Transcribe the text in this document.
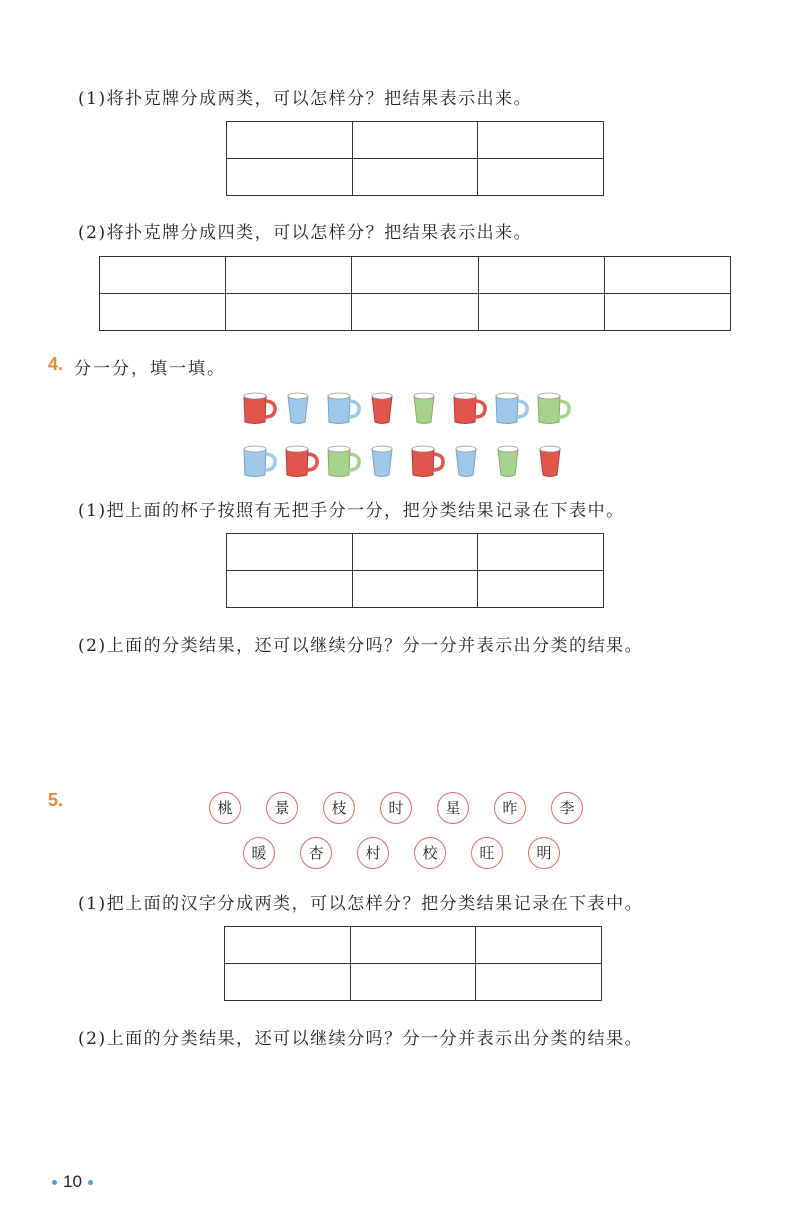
(1)将扑克牌分成两类，可以怎样分？把结果表示出来。

(2)将扑克牌分成四类，可以怎样分？把结果表示出来。

4. 分一分，填一填。
(1)把上面的杯子按照有无把手分一分，把分类结果记录在下表中。

(2)上面的分类结果，还可以继续分吗？分一分并表示出分类的结果。
5.	桃	景	枝	时	星	昨	李
暖	杏	村	校	旺	明
(1)把上面的汉字分成两类，可以怎样分？把分类结果记录在下表中。

(2)上面的分类结果，还可以继续分吗？分一分并表示出分类的结果。
10
